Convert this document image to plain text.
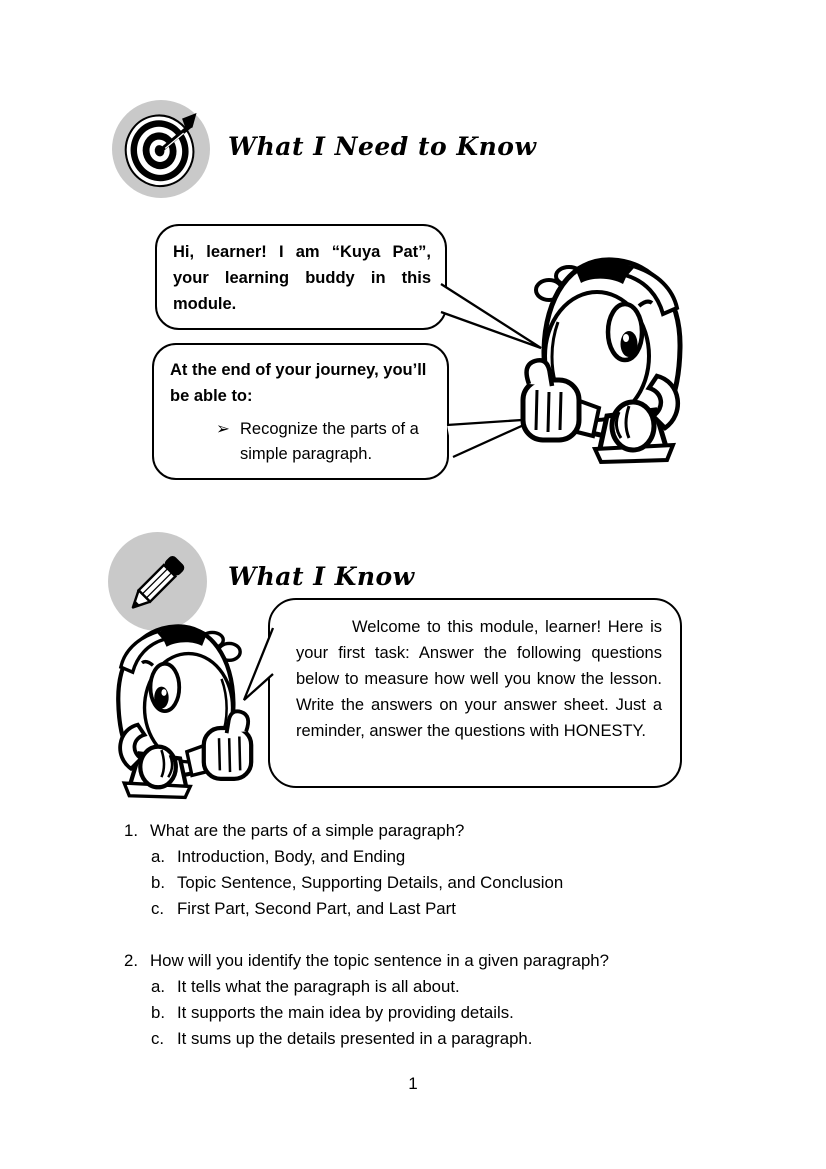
What I Need to Know

Hi, learner! I am “Kuya Pat”, your learning buddy in this module.

At the end of your journey, you’ll be able to:

➢ Recognize the parts of a simple paragraph.
What I Know

Welcome to this module, learner! Here is your first task: Answer the following questions below to measure how well you know the lesson. Write the answers on your answer sheet. Just a reminder, answer the questions with HONESTY.

1. What are the parts of a simple paragraph?
a. Introduction, Body, and Ending
b. Topic Sentence, Supporting Details, and Conclusion
c. First Part, Second Part, and Last Part
2. How will you identify the topic sentence in a given paragraph?
a. It tells what the paragraph is all about.
b. It supports the main idea by providing details.
c. It sums up the details presented in a paragraph.
1
